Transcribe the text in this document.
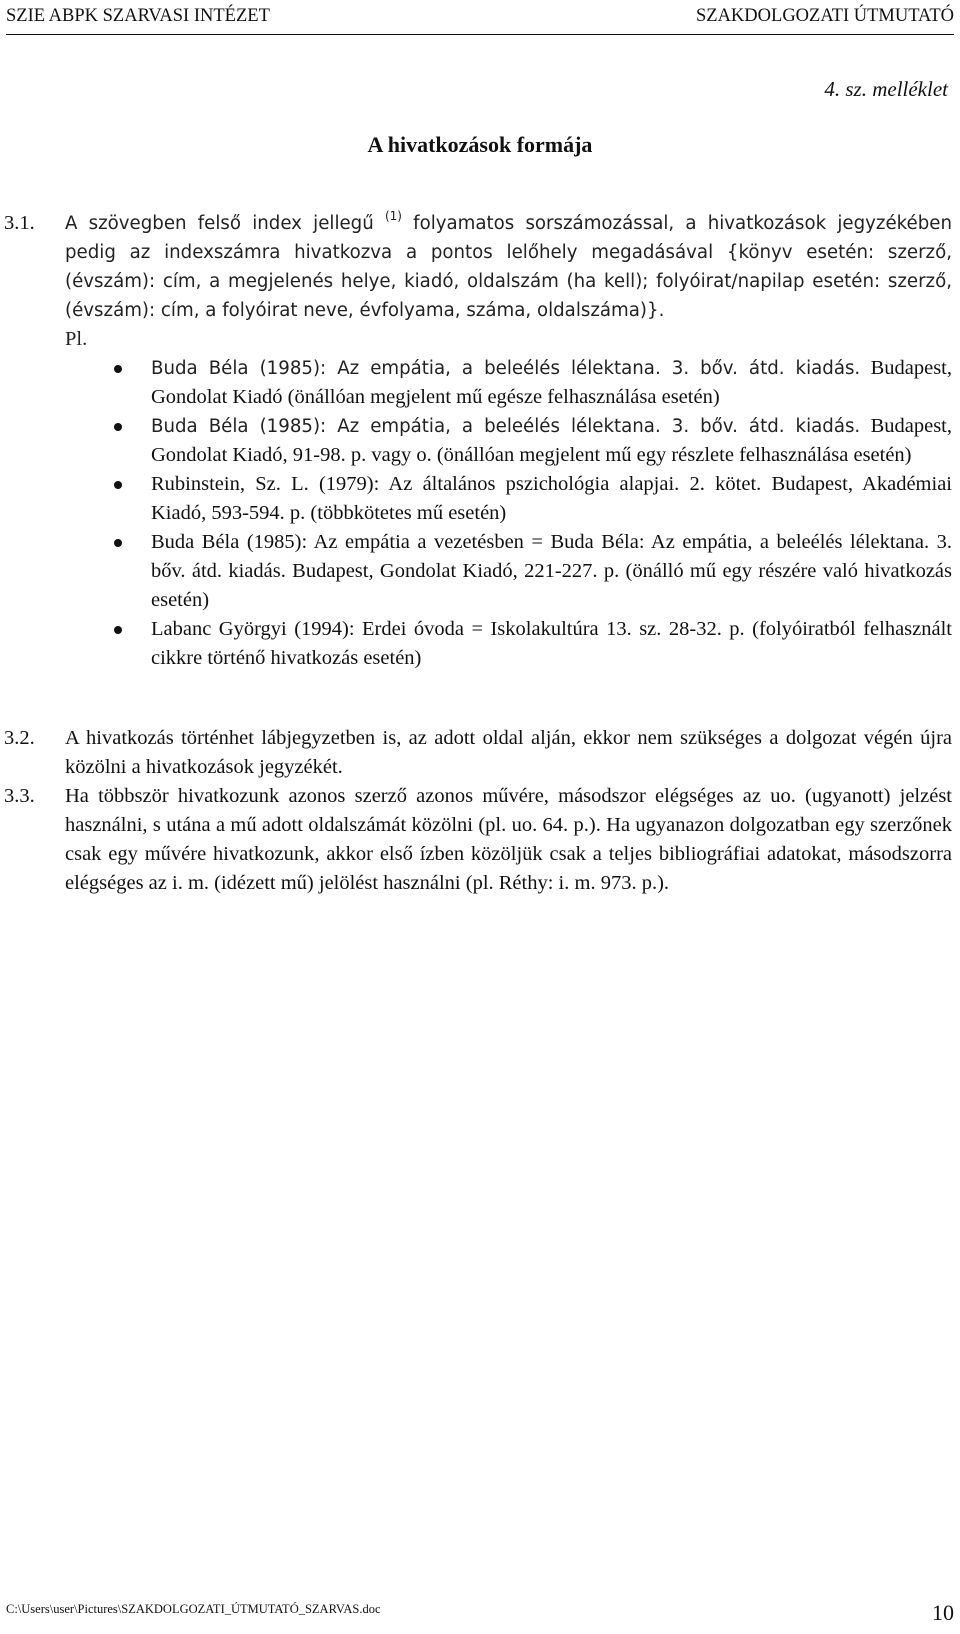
SZIE ABPK SZARVASI INTÉZET	SZAKDOLGOZATI ÚTMUTATÓ
4. sz. melléklet
A hivatkozások formája
3.1. A szövegben felső index jellegű $^{(1)}$ folyamatos sorszámozással, a hivatkozások jegyzékében pedig az indexszámra hivatkozva a pontos lelőhely megadásával {könyv esetén: szerző, (évszám): cím, a megjelenés helye, kiadó, oldalszám (ha kell); folyóirat/napilap esetén: szerző, (évszám): cím, a folyóirat neve, évfolyama, száma, oldalszáma)}.
Pl.
Buda Béla (1985): Az empátia, a beleélés lélektana. 3. bőv. átd. kiadás. Budapest, Gondolat Kiadó (önállóan megjelent mű egésze felhasználása esetén)
Buda Béla (1985): Az empátia, a beleélés lélektana. 3. bőv. átd. kiadás. Budapest, Gondolat Kiadó, 91-98. p. vagy o. (önállóan megjelent mű egy részlete felhasználása esetén)
Rubinstein, Sz. L. (1979): Az általános pszichológia alapjai. 2. kötet. Budapest, Akadémiai Kiadó, 593-594. p. (többkötetes mű esetén)
Buda Béla (1985): Az empátia a vezetésben = Buda Béla: Az empátia, a beleélés lélektana. 3. bőv. átd. kiadás. Budapest, Gondolat Kiadó, 221-227. p. (önálló mű egy részére való hivatkozás esetén)
Labanc Györgyi (1994): Erdei óvoda = Iskolakultúra 13. sz. 28-32. p. (folyóiratból felhasznált cikkre történő hivatkozás esetén)
3.2. A hivatkozás történhet lábjegyzetben is, az adott oldal alján, ekkor nem szükséges a dolgozat végén újra közölni a hivatkozások jegyzékét.
3.3. Ha többször hivatkozunk azonos szerző azonos művére, másodszor elégséges az uo. (ugyanott) jelzést használni, s utána a mű adott oldalszámát közölni (pl. uo. 64. p.). Ha ugyanazon dolgozatban egy szerzőnek csak egy művére hivatkozunk, akkor első ízben közöljük csak a teljes bibliográfiai adatokat, másodszorra elégséges az i. m. (idézett mű) jelölést használni (pl. Réthy: i. m. 973. p.).
C:\Users\user\Pictures\SZAKDOLGOZATI_ÚTMUTATÓ_SZARVAS.doc	10
